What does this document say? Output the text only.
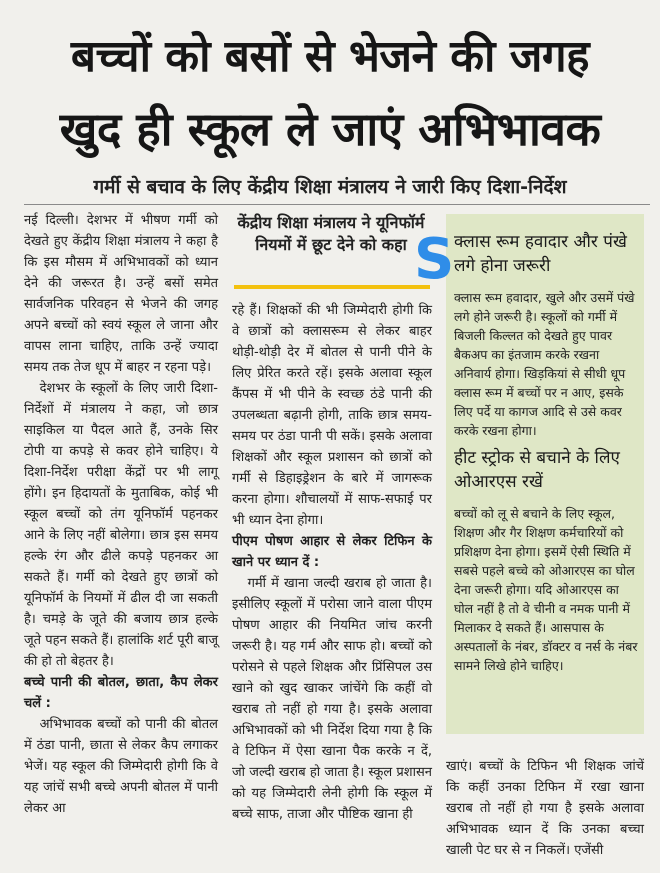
बच्चों को बसों से भेजने की जगह
खुद ही स्कूल ले जाएं अभिभावक
गर्मी से बचाव के लिए केंद्रीय शिक्षा मंत्रालय ने जारी किए दिशा-निर्देश

नई दिल्ली। देशभर में भीषण गर्मी को देखते हुए केंद्रीय शिक्षा मंत्रालय ने कहा है कि इस मौसम में अभिभावकों को ध्यान देने की जरूरत है। उन्हें बसों समेत सार्वजनिक परिवहन से भेजने की जगह अपने बच्चों को स्वयं स्कूल ले जाना और वापस लाना चाहिए, ताकि उन्हें ज्यादा समय तक तेज धूप में बाहर न रहना पड़े।

देशभर के स्कूलों के लिए जारी दिशा-निर्देशों में मंत्रालय ने कहा, जो छात्र साइकिल या पैदल आते हैं, उनके सिर टोपी या कपड़े से कवर होने चाहिए। ये दिशा-निर्देश परीक्षा केंद्रों पर भी लागू होंगे। इन हिदायतों के मुताबिक, कोई भी स्कूल बच्चों को तंग यूनिफॉर्म पहनकर आने के लिए नहीं बोलेगा। छात्र इस समय हल्के रंग और ढीले कपड़े पहनकर आ सकते हैं। गर्मी को देखते हुए छात्रों को यूनिफॉर्म के नियमों में ढील दी जा सकती है। चमड़े के जूते की बजाय छात्र हल्के जूते पहन सकते हैं। हालांकि शर्ट पूरी बाजू की हो तो बेहतर है।

बच्चे पानी की बोतल, छाता, कैप लेकर चलें :

अभिभावक बच्चों को पानी की बोतल में ठंडा पानी, छाता से लेकर कैप लगाकर भेजें। यह स्कूल की जिम्मेदारी होगी कि वे यह जांचें सभी बच्चे अपनी बोतल में पानी लेकर आ

केंद्रीय शिक्षा मंत्रालय ने यूनिफॉर्म नियमों में छूट देने को कहा

रहे हैं। शिक्षकों की भी जिम्मेदारी होगी कि वे छात्रों को क्लासरूम से लेकर बाहर थोड़ी-थोड़ी देर में बोतल से पानी पीने के लिए प्रेरित करते रहें। इसके अलावा स्कूल कैंपस में भी पीने के स्वच्छ ठंडे पानी की उपलब्धता बढ़ानी होगी, ताकि छात्र समय-समय पर ठंडा पानी पी सकें। इसके अलावा शिक्षकों और स्कूल प्रशासन को छात्रों को गर्मी से डिहाइड्रेशन के बारे में जागरूक करना होगा। शौचालयों में साफ-सफाई पर भी ध्यान देना होगा।

पीएम पोषण आहार से लेकर टिफिन के खाने पर ध्यान दें :

गर्मी में खाना जल्दी खराब हो जाता है। इसीलिए स्कूलों में परोसा जाने वाला पीएम पोषण आहार की नियमित जांच करनी जरूरी है। यह गर्म और साफ हो। बच्चों को परोसने से पहले शिक्षक और प्रिंसिपल उस खाने को खुद खाकर जांचेंगे कि कहीं वो खराब तो नहीं हो गया है। इसके अलावा अभिभावकों को भी निर्देश दिया गया है कि वे टिफिन में ऐसा खाना पैक करके न दें, जो जल्दी खराब हो जाता है। स्कूल प्रशासन को यह जिम्मेदारी लेनी होगी कि स्कूल में बच्चे साफ, ताजा और पौष्टिक खाना ही

क्लास रूम हवादार और पंखे लगे होना जरूरी

क्लास रूम हवादार, खुले और उसमें पंखे लगे होने जरूरी है। स्कूलों को गर्मी में बिजली किल्लत को देखते हुए पावर बैकअप का इंतजाम करके रखना अनिवार्य होगा। खिड़कियां से सीधी धूप क्लास रूम में बच्चों पर न आए, इसके लिए पर्दे या कागज आदि से उसे कवर करके रखना होगा।

हीट स्ट्रोक से बचाने के लिए ओआरएस रखें

बच्चों को लू से बचाने के लिए स्कूल, शिक्षण और गैर शिक्षण कर्मचारियों को प्रशिक्षण देना होगा। इसमें ऐसी स्थिति में सबसे पहले बच्चे को ओआरएस का घोल देना जरूरी होगा। यदि ओआरएस का घोल नहीं है तो वे चीनी व नमक पानी में मिलाकर दे सकते हैं। आसपास के अस्पतालों के नंबर, डॉक्टर व नर्स के नंबर सामने लिखे होने चाहिए।

खाएं। बच्चों के टिफिन भी शिक्षक जांचें कि कहीं उनका टिफिन में रखा खाना खराब तो नहीं हो गया है इसके अलावा अभिभावक ध्यान दें कि उनका बच्चा खाली पेट घर से न निकलें। एजेंसी

S
